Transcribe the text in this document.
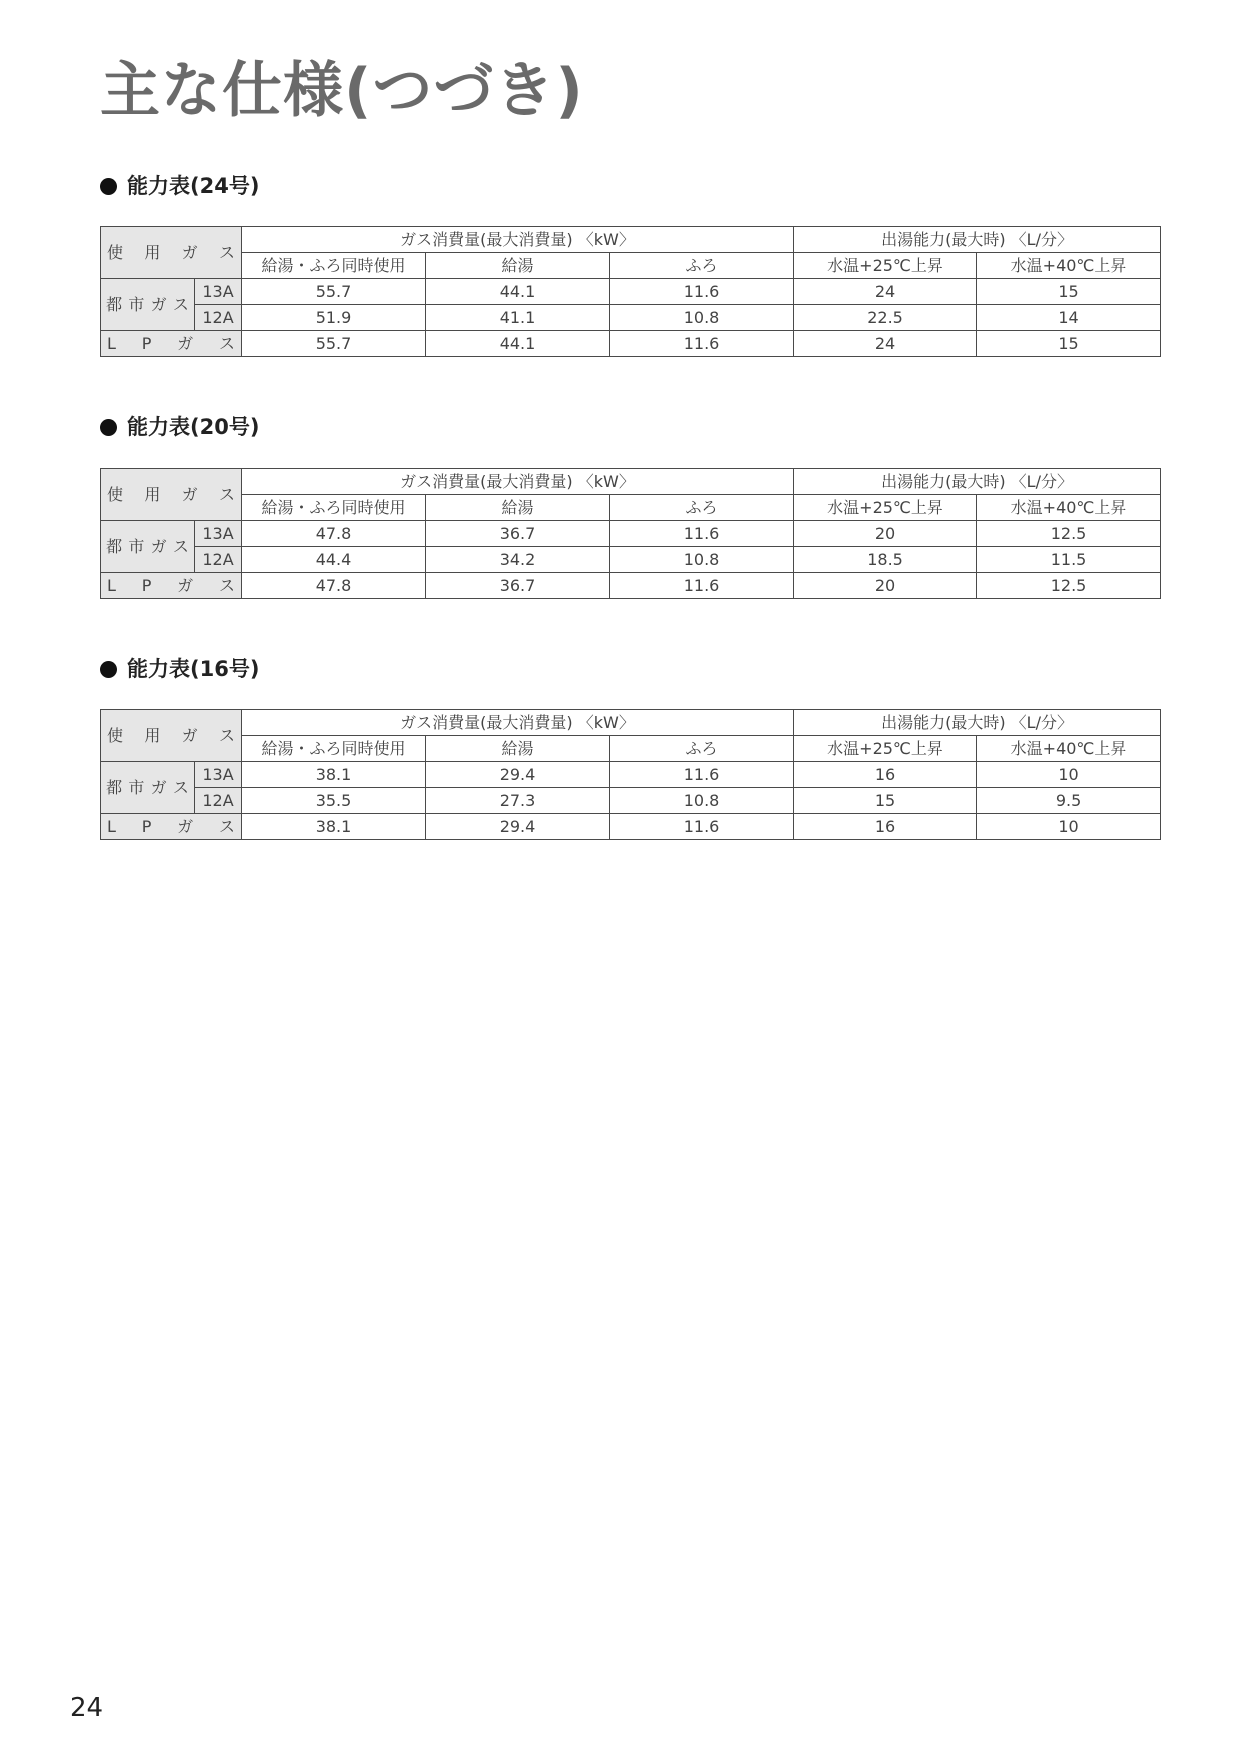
主な仕様(つづき)
能力表(24号)
能力表(20号)
能力表(16号)
使 用 ガ ス		ガス消費量(最大消費量) 〈kW〉			出湯能力(最大時) 〈L/分〉	
		給湯・ふろ同時使用	給湯	ふろ	水温+25℃上昇	水温+40℃上昇

都 市 ガ ス	13A	55.7	44.1	11.6	24	15
	12A	51.9	41.1	10.8	22.5	14

L P ガ ス		55.7	44.1	11.6	24	15
使 用 ガ ス		ガス消費量(最大消費量) 〈kW〉			出湯能力(最大時) 〈L/分〉	
		給湯・ふろ同時使用	給湯	ふろ	水温+25℃上昇	水温+40℃上昇

都 市 ガ ス	13A	47.8	36.7	11.6	20	12.5
	12A	44.4	34.2	10.8	18.5	11.5

L P ガ ス		47.8	36.7	11.6	20	12.5
使 用 ガ ス		ガス消費量(最大消費量) 〈kW〉			出湯能力(最大時) 〈L/分〉	
		給湯・ふろ同時使用	給湯	ふろ	水温+25℃上昇	水温+40℃上昇

都 市 ガ ス	13A	38.1	29.4	11.6	16	10
	12A	35.5	27.3	10.8	15	9.5

L P ガ ス		38.1	29.4	11.6	16	10
24
